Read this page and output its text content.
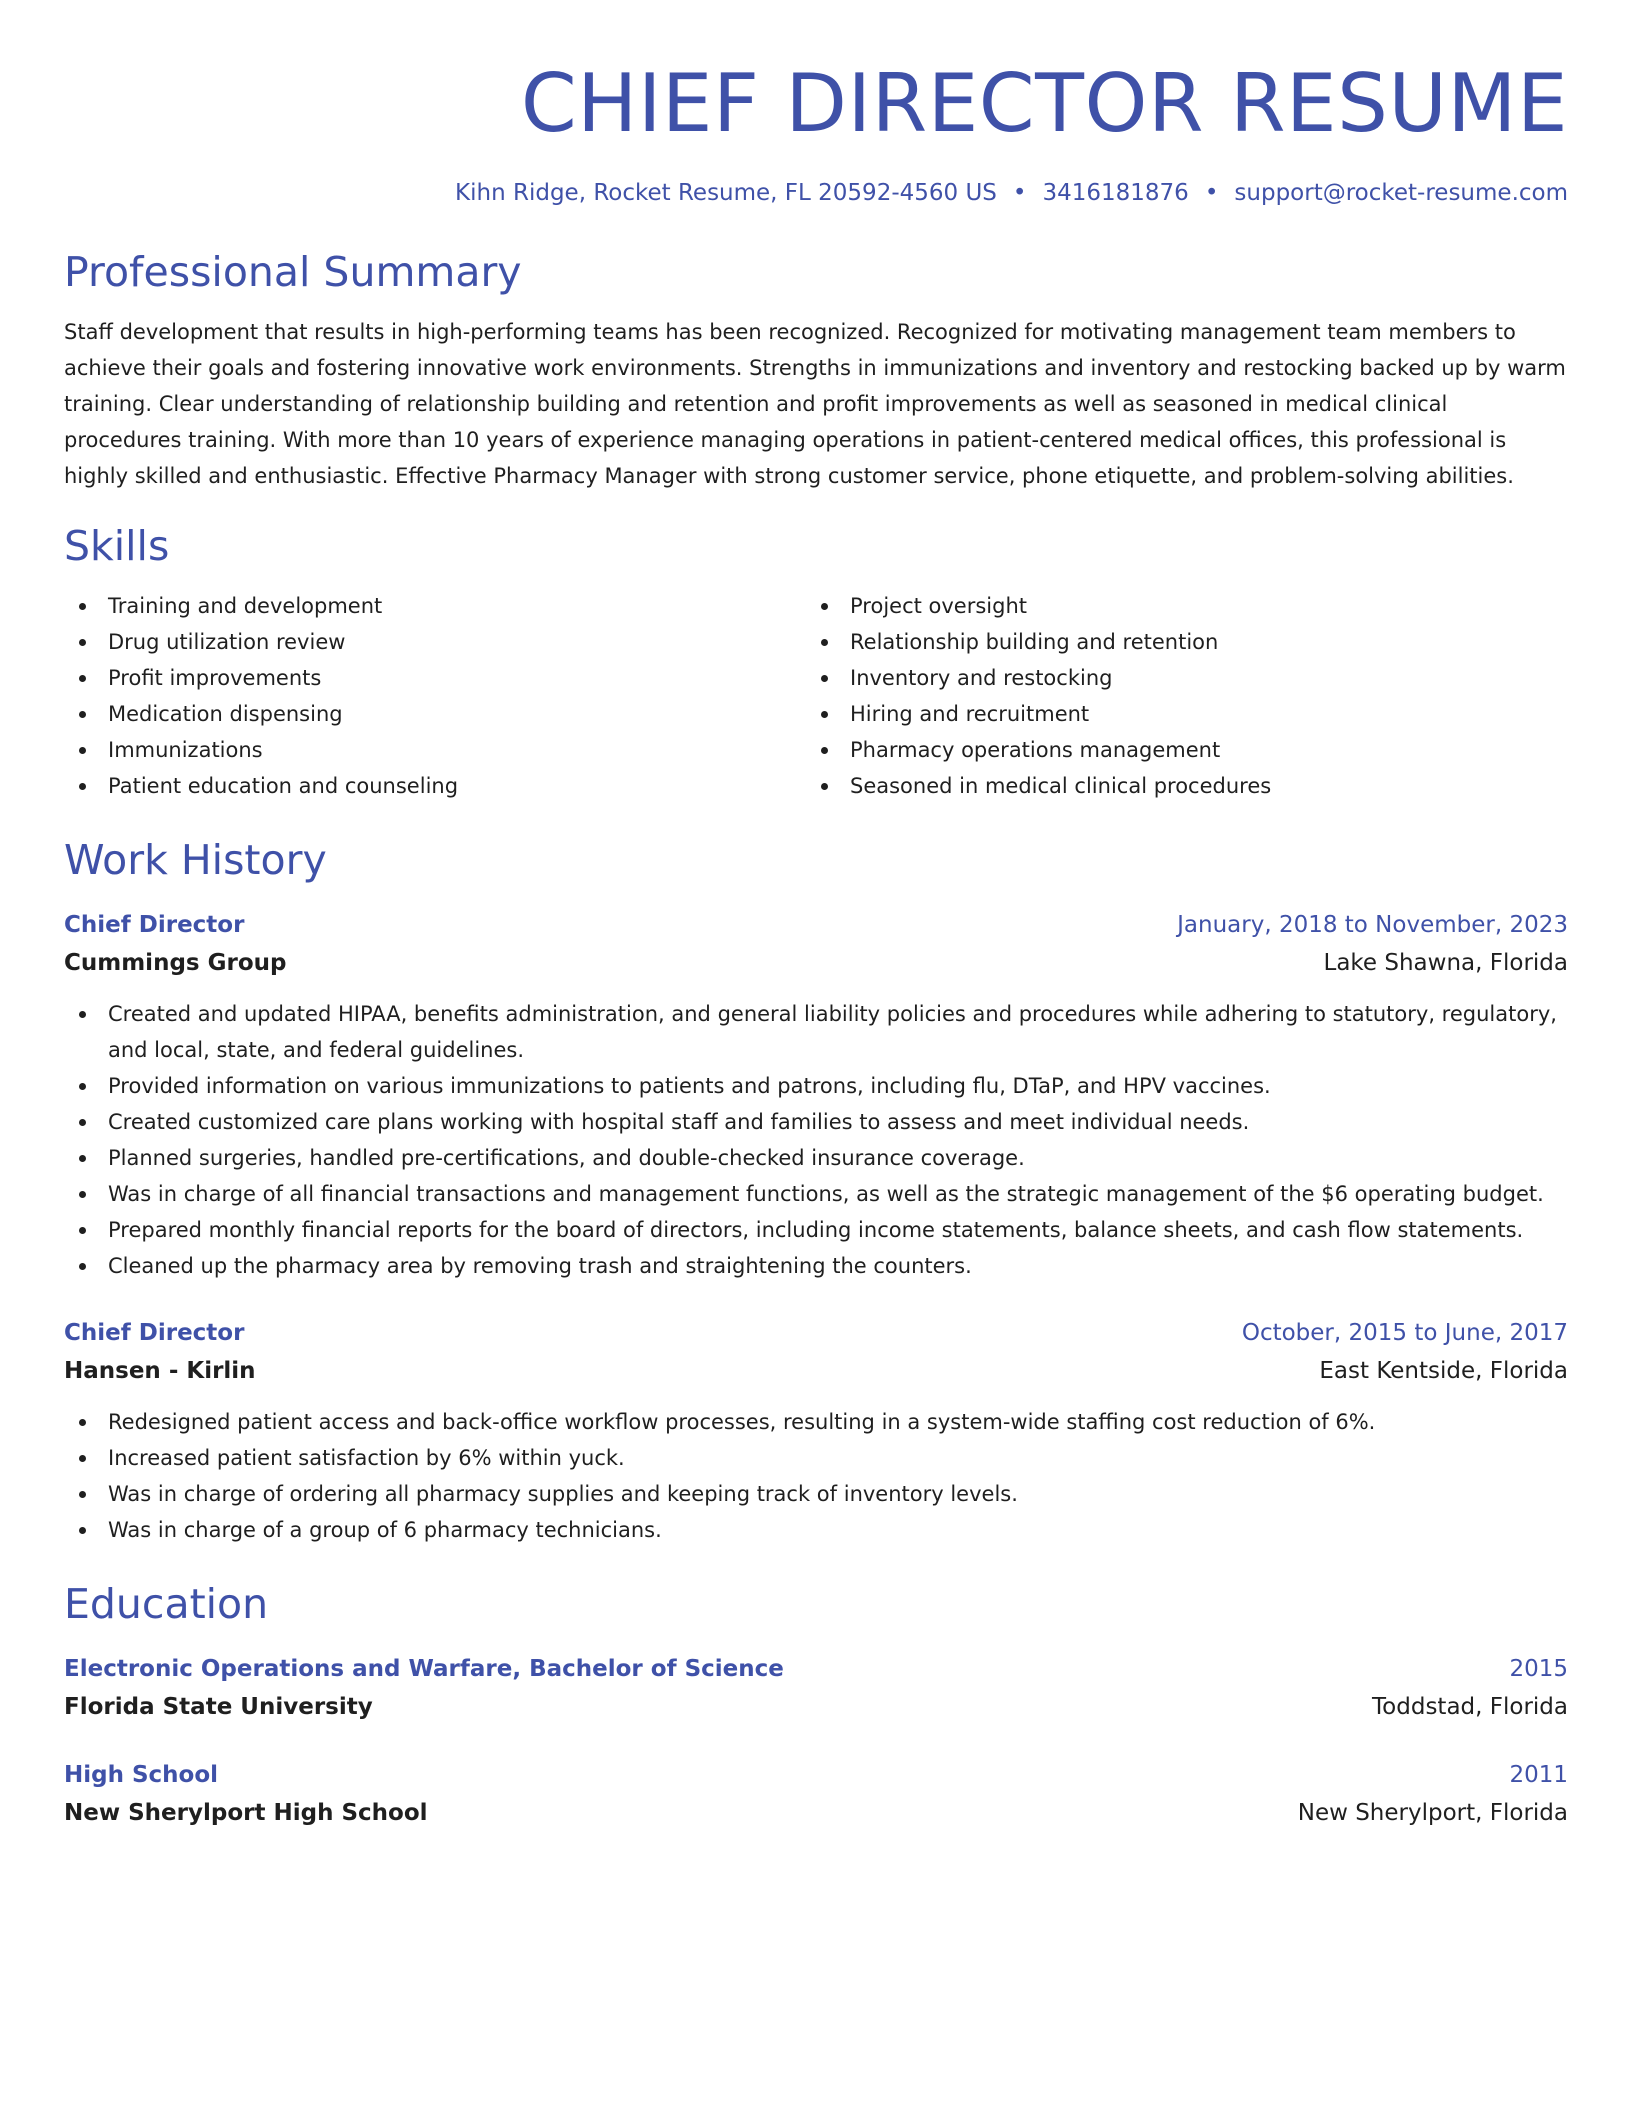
CHIEF DIRECTOR RESUME
Kihn Ridge, Rocket Resume, FL 20592-4560 US • 3416181876 • support@rocket-resume.com
Professional Summary

Staff development that results in high-performing teams has been recognized. Recognized for motivating management team members to achieve their goals and fostering innovative work environments. Strengths in immunizations and inventory and restocking backed up by warm training. Clear understanding of relationship building and retention and profit improvements as well as seasoned in medical clinical procedures training. With more than 10 years of experience managing operations in patient-centered medical offices, this professional is highly skilled and enthusiastic. Effective Pharmacy Manager with strong customer service, phone etiquette, and problem-solving abilities.

Skills
Training and development
Drug utilization review
Profit improvements
Medication dispensing
Immunizations
Patient education and counseling
Project oversight
Relationship building and retention
Inventory and restocking
Hiring and recruitment
Pharmacy operations management
Seasoned in medical clinical procedures
Work History
Chief Director	January, 2018 to November, 2023
Cummings Group	Lake Shawna, Florida
Created and updated HIPAA, benefits administration, and general liability policies and procedures while adhering to statutory, regulatory, and local, state, and federal guidelines.
Provided information on various immunizations to patients and patrons, including flu, DTaP, and HPV vaccines.
Created customized care plans working with hospital staff and families to assess and meet individual needs.
Planned surgeries, handled pre-certifications, and double-checked insurance coverage.
Was in charge of all financial transactions and management functions, as well as the strategic management of the $6 operating budget.
Prepared monthly financial reports for the board of directors, including income statements, balance sheets, and cash flow statements.
Cleaned up the pharmacy area by removing trash and straightening the counters.
Chief Director	October, 2015 to June, 2017
Hansen - Kirlin	East Kentside, Florida
Redesigned patient access and back-office workflow processes, resulting in a system-wide staffing cost reduction of 6%.
Increased patient satisfaction by 6% within yuck.
Was in charge of ordering all pharmacy supplies and keeping track of inventory levels.
Was in charge of a group of 6 pharmacy technicians.
Education
Electronic Operations and Warfare, Bachelor of Science	2015
Florida State University	Toddstad, Florida
High School	2011
New Sherylport High School	New Sherylport, Florida
